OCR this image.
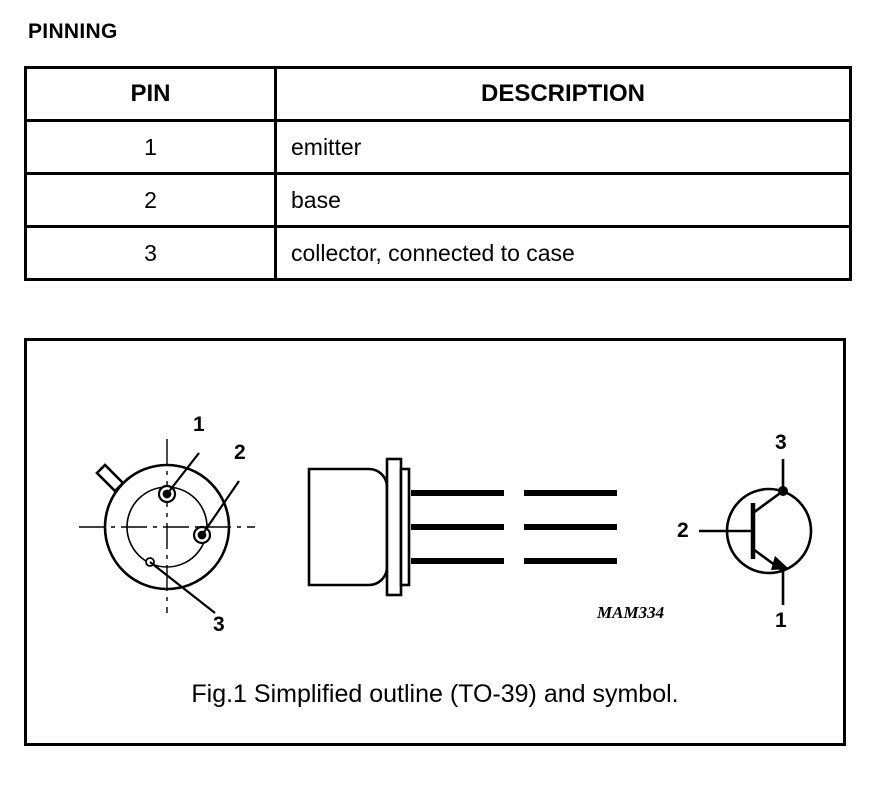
PINNING
PIN	DESCRIPTION
1	emitter
2	base
3	collector, connected to case
1
2
3
3
2
1
MAM334
Fig.1 Simplified outline (TO-39) and symbol.
